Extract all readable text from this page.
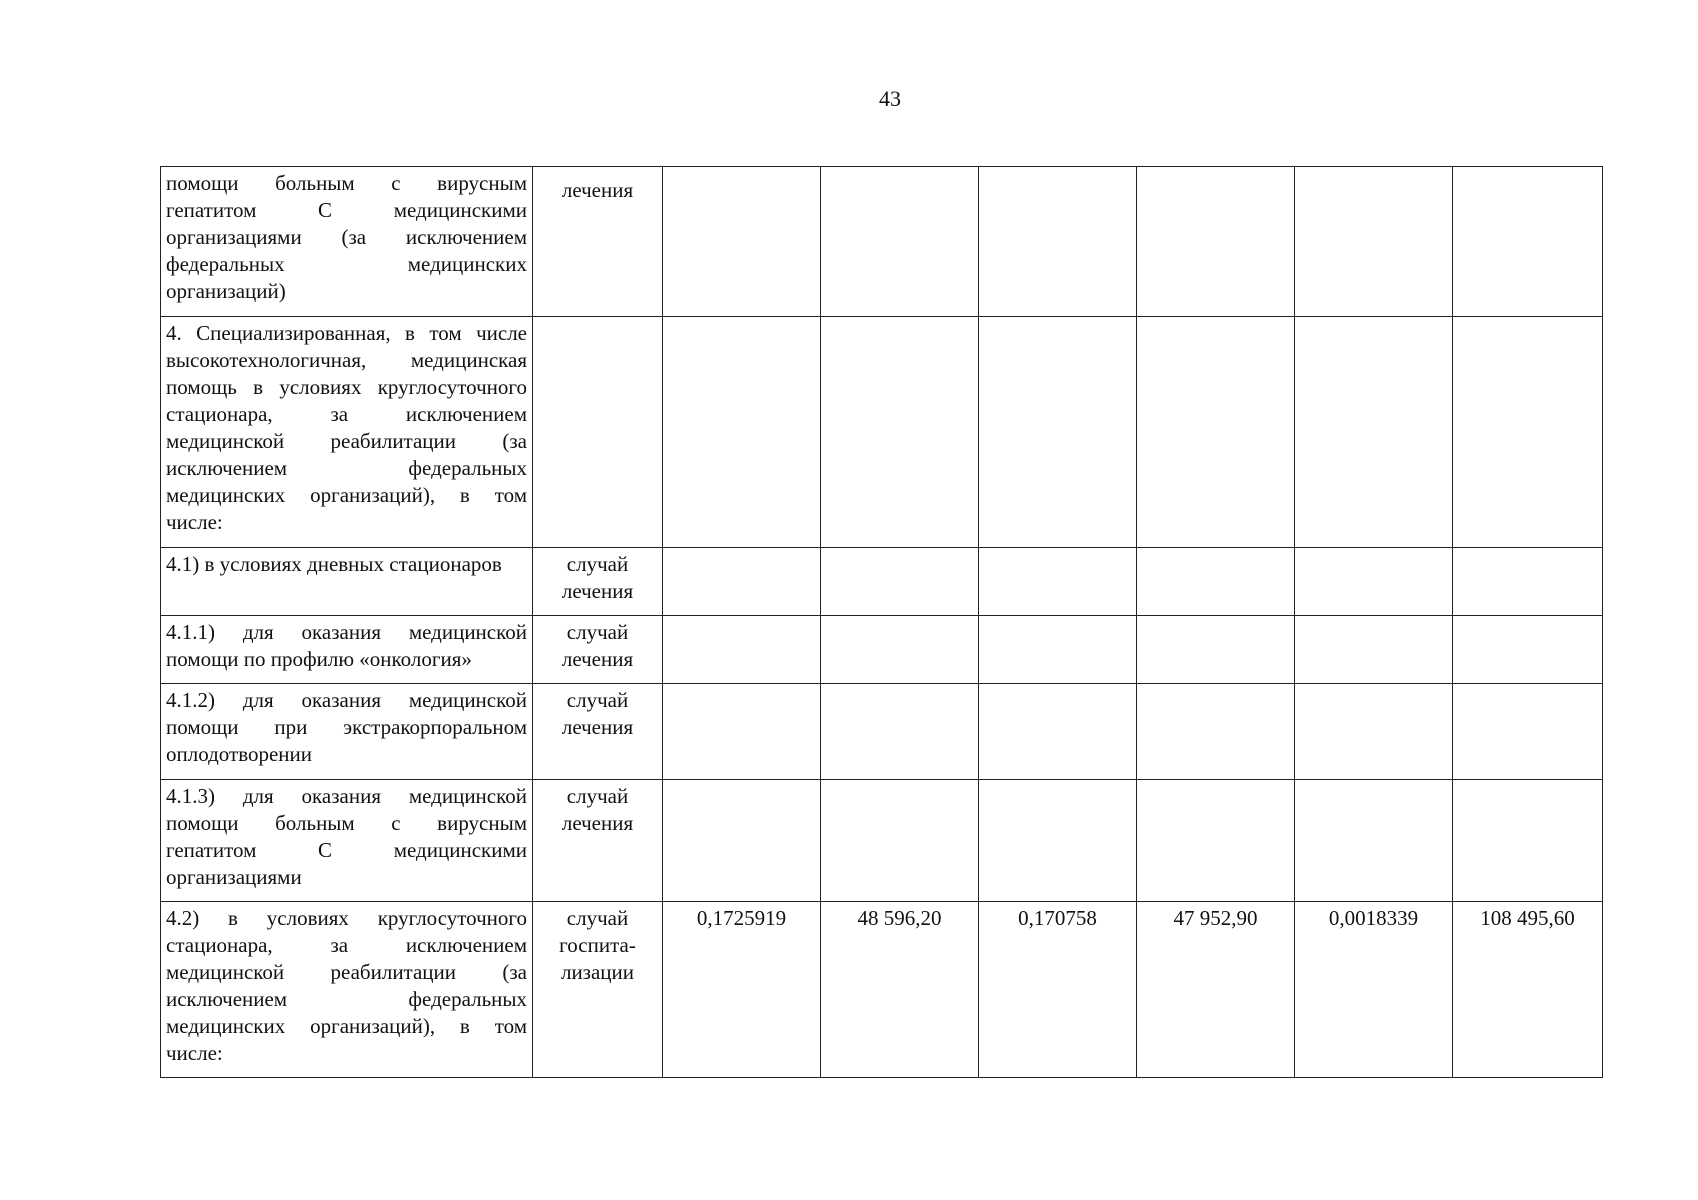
43
помощи больным с вирусным гепатитом С медицинскими организациями (за исключением федеральных медицинских организаций)	лечения						
4. Специализированная, в том числе высокотехнологичная, медицинская помощь в условиях круглосуточного стационара, за исключением медицинской реабилитации (за исключением федеральных медицинских организаций), в том числе:							
4.1) в условиях дневных стационаров	случай лечения						
4.1.1) для оказания медицинской помощи по профилю «онкология»	случай лечения						
4.1.2) для оказания медицинской помощи при экстракорпоральном оплодотворении	случай лечения						
4.1.3) для оказания медицинской помощи больным с вирусным гепатитом С медицинскими организациями	случай лечения						
4.2) в условиях круглосуточного стационара, за исключением медицинской реабилитации (за исключением федеральных медицинских организаций), в том числе:	случай госпита-лизации	0,1725919	48 596,20	0,170758	47 952,90	0,0018339	108 495,60
